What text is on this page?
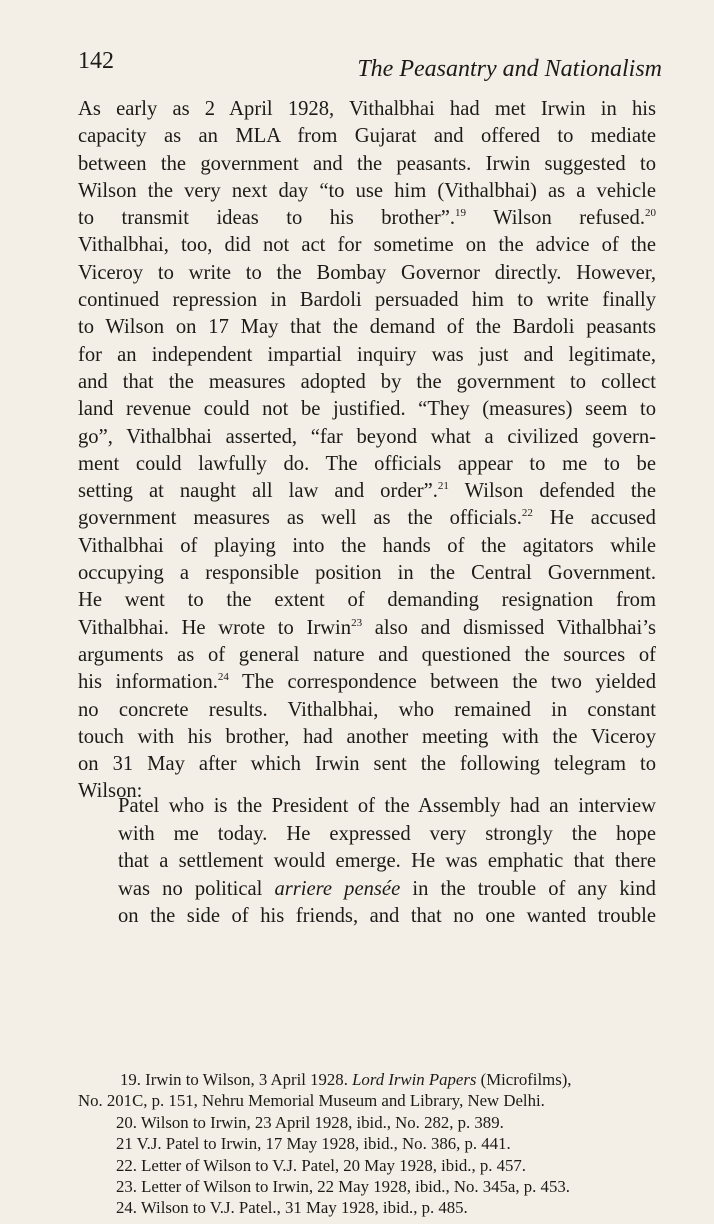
142	The Peasantry and Nationalism
As early as 2 April 1928, Vithalbhai had met Irwin in his
capacity as an MLA from Gujarat and offered to mediate
between the government and the peasants. Irwin suggested to
Wilson the very next day “to use him (Vithalbhai) as a vehicle
to transmit ideas to his brother”.$^{19}$ Wilson refused.$^{20}$
Vithalbhai, too, did not act for sometime on the advice of the
Viceroy to write to the Bombay Governor directly. However,
continued repression in Bardoli persuaded him to write finally
to Wilson on 17 May that the demand of the Bardoli peasants
for an independent impartial inquiry was just and legitimate,
and that the measures adopted by the government to collect
land revenue could not be justified. “They (measures) seem to
go”, Vithalbhai asserted, “far beyond what a civilized govern-
ment could lawfully do. The officials appear to me to be
setting at naught all law and order”.$^{21}$ Wilson defended the
government measures as well as the officials.$^{22}$ He accused
Vithalbhai of playing into the hands of the agitators while
occupying a responsible position in the Central Government.
He went to the extent of demanding resignation from
Vithalbhai. He wrote to Irwin$^{23}$ also and dismissed Vithalbhai’s
arguments as of general nature and questioned the sources of
his information.$^{24}$ The correspondence between the two yielded
no concrete results. Vithalbhai, who remained in constant
touch with his brother, had another meeting with the Viceroy
on 31 May after which Irwin sent the following telegram to
Wilson:
Patel who is the President of the Assembly had an interview
with me today. He expressed very strongly the hope
that a settlement would emerge. He was emphatic that there
was no political arriere pensée in the trouble of any kind
on the side of his friends, and that no one wanted trouble
19. Irwin to Wilson, 3 April 1928. Lord Irwin Papers (Microfilms),
No. 201C, p. 151, Nehru Memorial Museum and Library, New Delhi.
20. Wilson to Irwin, 23 April 1928, ibid., No. 282, p. 389.
21 V.J. Patel to Irwin, 17 May 1928, ibid., No. 386, p. 441.
22. Letter of Wilson to V.J. Patel, 20 May 1928, ibid., p. 457.
23. Letter of Wilson to Irwin, 22 May 1928, ibid., No. 345a, p. 453.
24. Wilson to V.J. Patel., 31 May 1928, ibid., p. 485.
